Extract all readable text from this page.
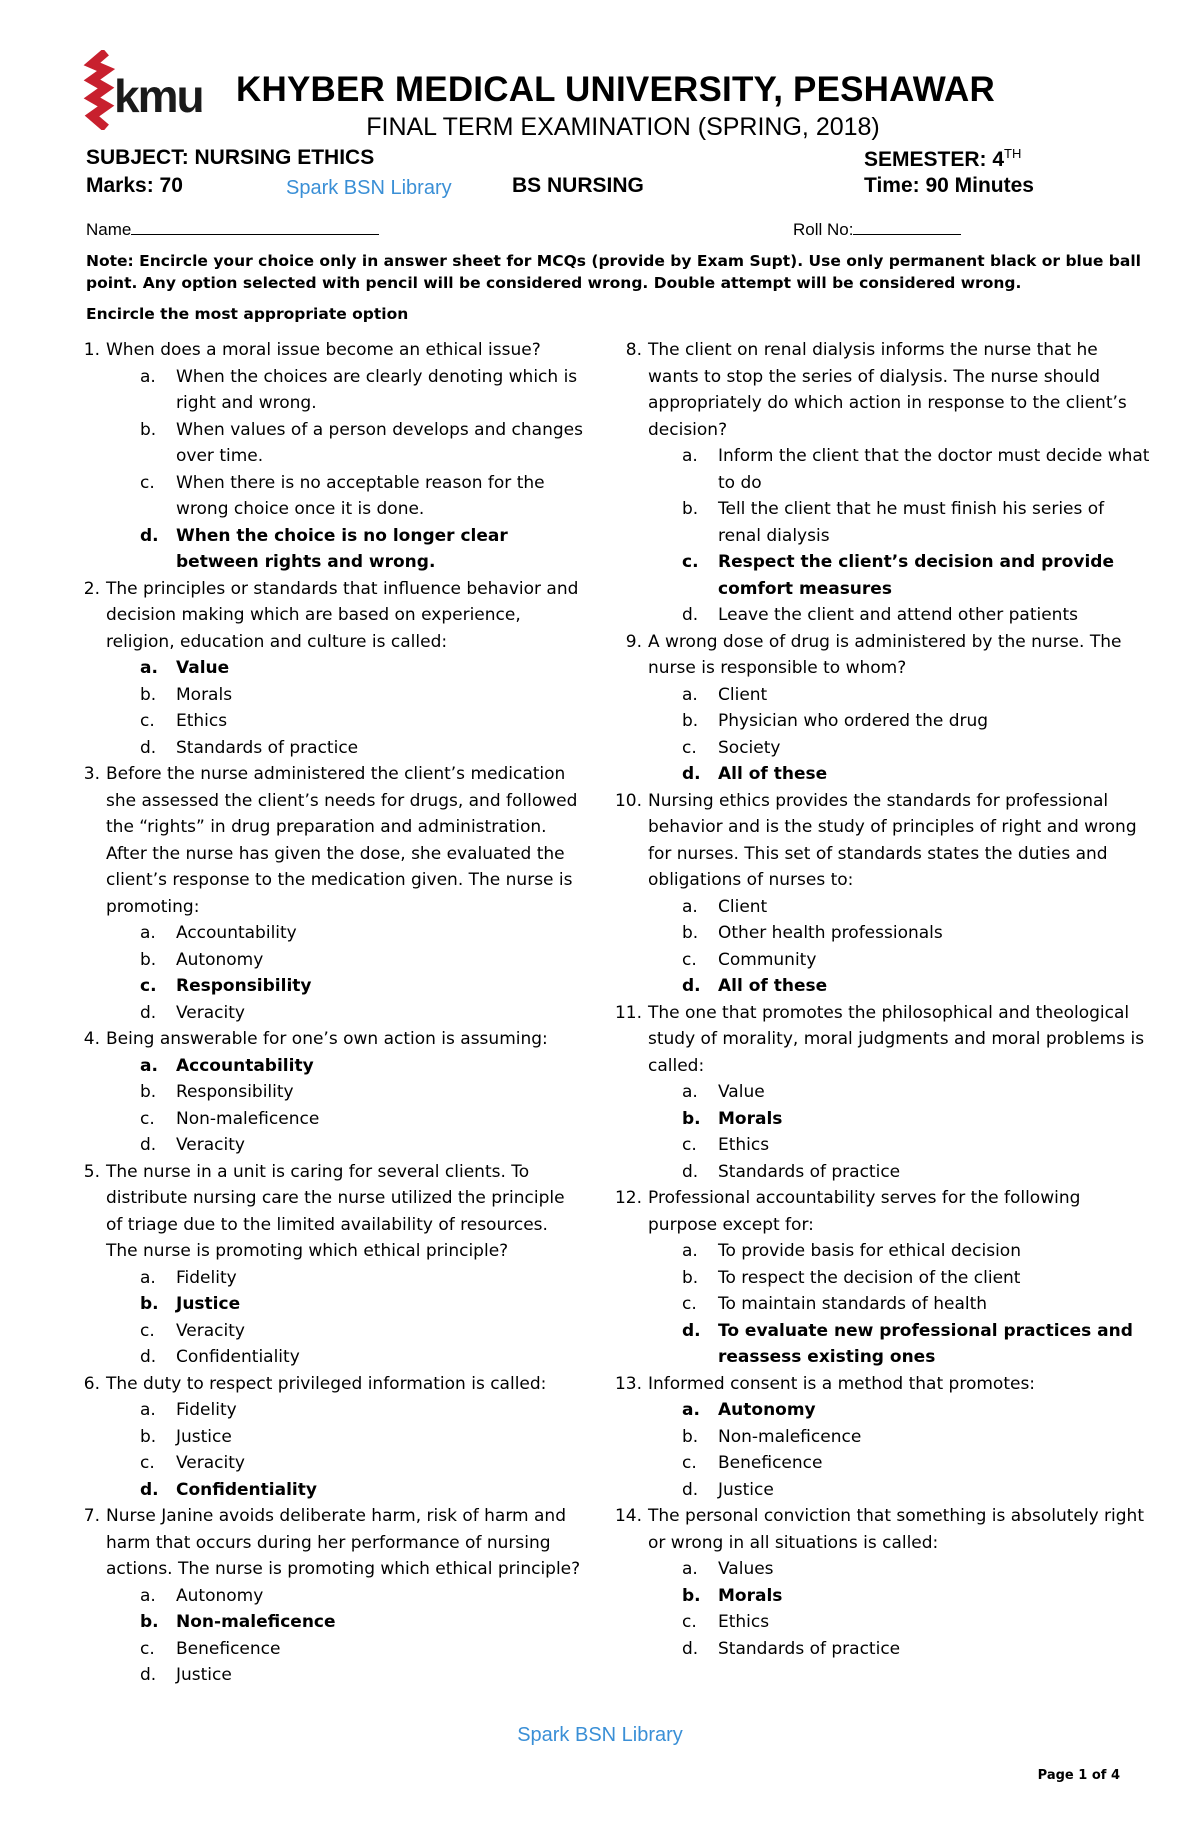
kmu KHYBER MEDICAL UNIVERSITY, PESHAWAR
FINAL TERM EXAMINATION (SPRING, 2018)
SUBJECT: NURSING ETHICS	SEMESTER: 4TH
Marks: 70	Spark BSN Library	BS NURSING	Time: 90 Minutes
Name	Roll No:
Note: Encircle your choice only in answer sheet for MCQs (provide by Exam Supt). Use only permanent black or blue ball point. Any option selected with pencil will be considered wrong. Double attempt will be considered wrong.
Encircle the most appropriate option
1. When does a moral issue become an ethical issue?
a. When the choices are clearly denoting which is right and wrong.
b. When values of a person develops and changes over time.
c. When there is no acceptable reason for the wrong choice once it is done.
d. When the choice is no longer clear between rights and wrong.
2. The principles or standards that influence behavior and decision making which are based on experience, religion, education and culture is called:
a. Value
b. Morals
c. Ethics
d. Standards of practice
3. Before the nurse administered the client’s medication she assessed the client’s needs for drugs, and followed the “rights” in drug preparation and administration. After the nurse has given the dose, she evaluated the client’s response to the medication given. The nurse is promoting:
a. Accountability
b. Autonomy
c. Responsibility
d. Veracity
4. Being answerable for one’s own action is assuming:
a. Accountability
b. Responsibility
c. Non-maleficence
d. Veracity
5. The nurse in a unit is caring for several clients. To distribute nursing care the nurse utilized the principle of triage due to the limited availability of resources. The nurse is promoting which ethical principle?
a. Fidelity
b. Justice
c. Veracity
d. Confidentiality
6. The duty to respect privileged information is called:
a. Fidelity
b. Justice
c. Veracity
d. Confidentiality
7. Nurse Janine avoids deliberate harm, risk of harm and harm that occurs during her performance of nursing actions. The nurse is promoting which ethical principle?
a. Autonomy
b. Non-maleficence
c. Beneficence
d. Justice
8. The client on renal dialysis informs the nurse that he wants to stop the series of dialysis. The nurse should appropriately do which action in response to the client’s decision?
a. Inform the client that the doctor must decide what to do
b. Tell the client that he must finish his series of renal dialysis
c. Respect the client’s decision and provide comfort measures
d. Leave the client and attend other patients
9. A wrong dose of drug is administered by the nurse. The nurse is responsible to whom?
a. Client
b. Physician who ordered the drug
c. Society
d. All of these
10. Nursing ethics provides the standards for professional behavior and is the study of principles of right and wrong for nurses. This set of standards states the duties and obligations of nurses to:
a. Client
b. Other health professionals
c. Community
d. All of these
11. The one that promotes the philosophical and theological study of morality, moral judgments and moral problems is called:
a. Value
b. Morals
c. Ethics
d. Standards of practice
12. Professional accountability serves for the following purpose except for:
a. To provide basis for ethical decision
b. To respect the decision of the client
c. To maintain standards of health
d. To evaluate new professional practices and reassess existing ones
13. Informed consent is a method that promotes:
a. Autonomy
b. Non-maleficence
c. Beneficence
d. Justice
14. The personal conviction that something is absolutely right or wrong in all situations is called:
a. Values
b. Morals
c. Ethics
d. Standards of practice
Spark BSN Library
Page 1 of 4
